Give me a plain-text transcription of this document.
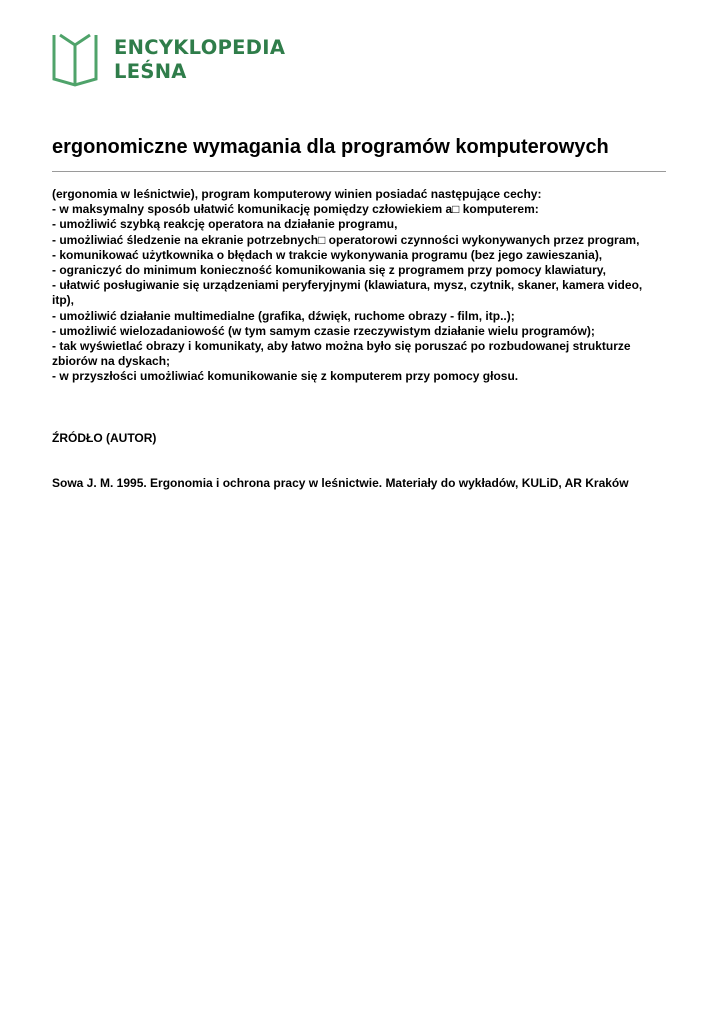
ENCYKLOPEDIA
LEŚNA
ergonomiczne wymagania dla programów komputerowych
(ergonomia w leśnictwie), program komputerowy winien posiadać następujące cechy:
- w maksymalny sposób ułatwić komunikację pomiędzy człowiekiem a□ komputerem:
- umożliwić szybką reakcję operatora na działanie programu,
- umożliwiać śledzenie na ekranie potrzebnych□ operatorowi czynności wykonywanych przez program,
- komunikować użytkownika o błędach w trakcie wykonywania programu (bez jego zawieszania),
- ograniczyć do minimum konieczność komunikowania się z programem przy pomocy klawiatury,
- ułatwić posługiwanie się urządzeniami peryferyjnymi (klawiatura, mysz, czytnik, skaner, kamera video, itp),
- umożliwić działanie multimedialne (grafika, dźwięk, ruchome obrazy - film, itp..);
- umożliwić wielozadaniowość (w tym samym czasie rzeczywistym działanie wielu programów);
- tak wyświetlać obrazy i komunikaty, aby łatwo można było się poruszać po rozbudowanej strukturze zbiorów na dyskach;
- w przyszłości umożliwiać komunikowanie się z komputerem przy pomocy głosu.

ŹRÓDŁO (AUTOR)

Sowa J. M. 1995. Ergonomia i ochrona pracy w leśnictwie. Materiały do wykładów, KULiD, AR Kraków
